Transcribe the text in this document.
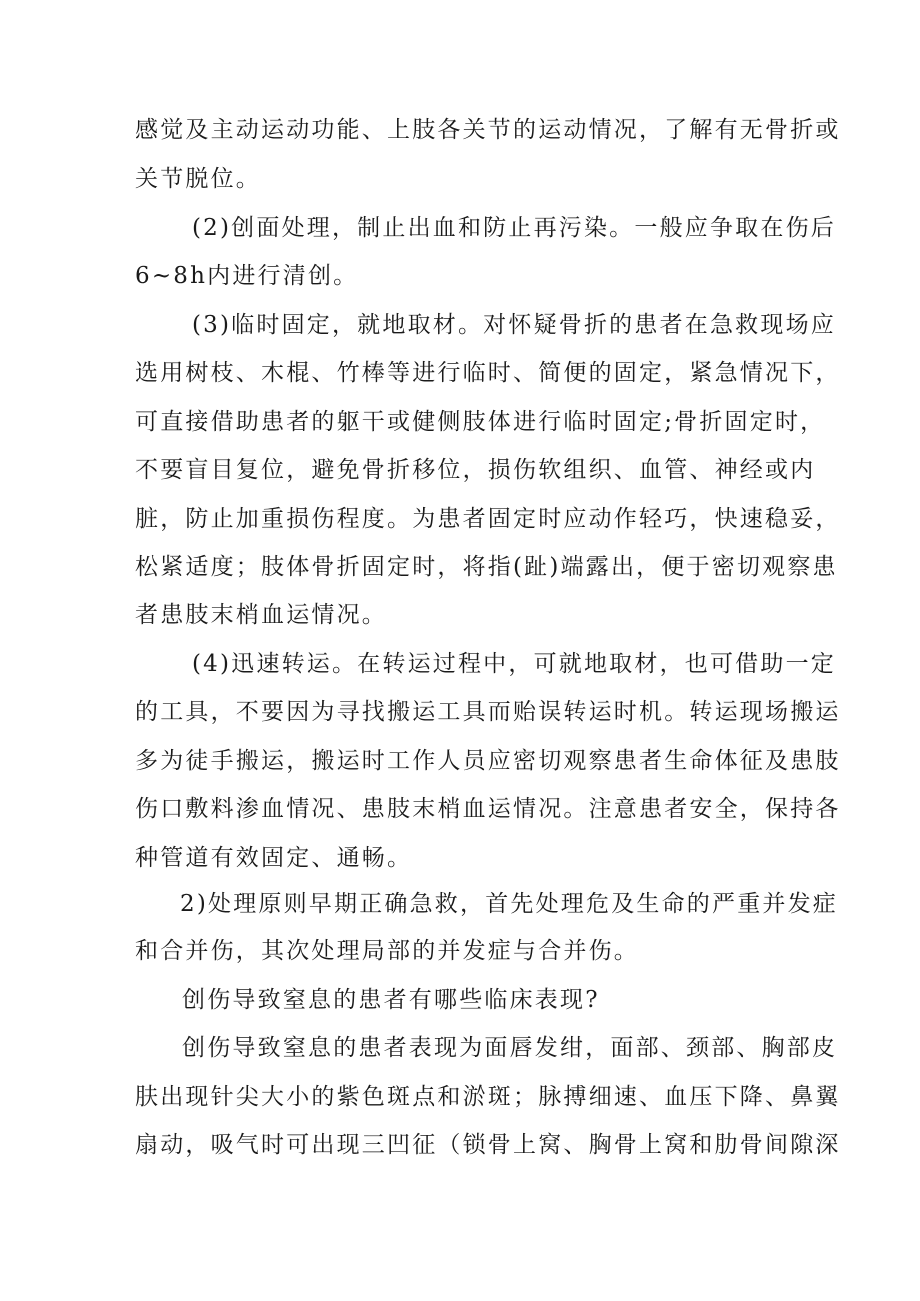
感觉及主动运动功能、上肢各关节的运动情况，了解有无骨折或
关节脱位。
(2)创面处理，制止出血和防止再污染。一般应争取在伤后
6~8h内进行清创。
(3)临时固定，就地取材。对怀疑骨折的患者在急救现场应
选用树枝、木棍、竹棒等进行临时、简便的固定，紧急情况下，
可直接借助患者的躯干或健侧肢体进行临时固定;骨折固定时，
不要盲目复位，避免骨折移位，损伤软组织、血管、神经或内
脏，防止加重损伤程度。为患者固定时应动作轻巧，快速稳妥，
松紧适度；肢体骨折固定时，将指(趾)端露出，便于密切观察患
者患肢末梢血运情况。
(4)迅速转运。在转运过程中，可就地取材，也可借助一定
的工具，不要因为寻找搬运工具而贻误转运时机。转运现场搬运
多为徒手搬运，搬运时工作人员应密切观察患者生命体征及患肢
伤口敷料渗血情况、患肢末梢血运情况。注意患者安全，保持各
种管道有效固定、通畅。
2)处理原则早期正确急救，首先处理危及生命的严重并发症
和合并伤，其次处理局部的并发症与合并伤。
创伤导致窒息的患者有哪些临床表现?
创伤导致窒息的患者表现为面唇发绀，面部、颈部、胸部皮
肤出现针尖大小的紫色斑点和淤斑；脉搏细速、血压下降、鼻翼
扇动，吸气时可出现三凹征（锁骨上窝、胸骨上窝和肋骨间隙深
